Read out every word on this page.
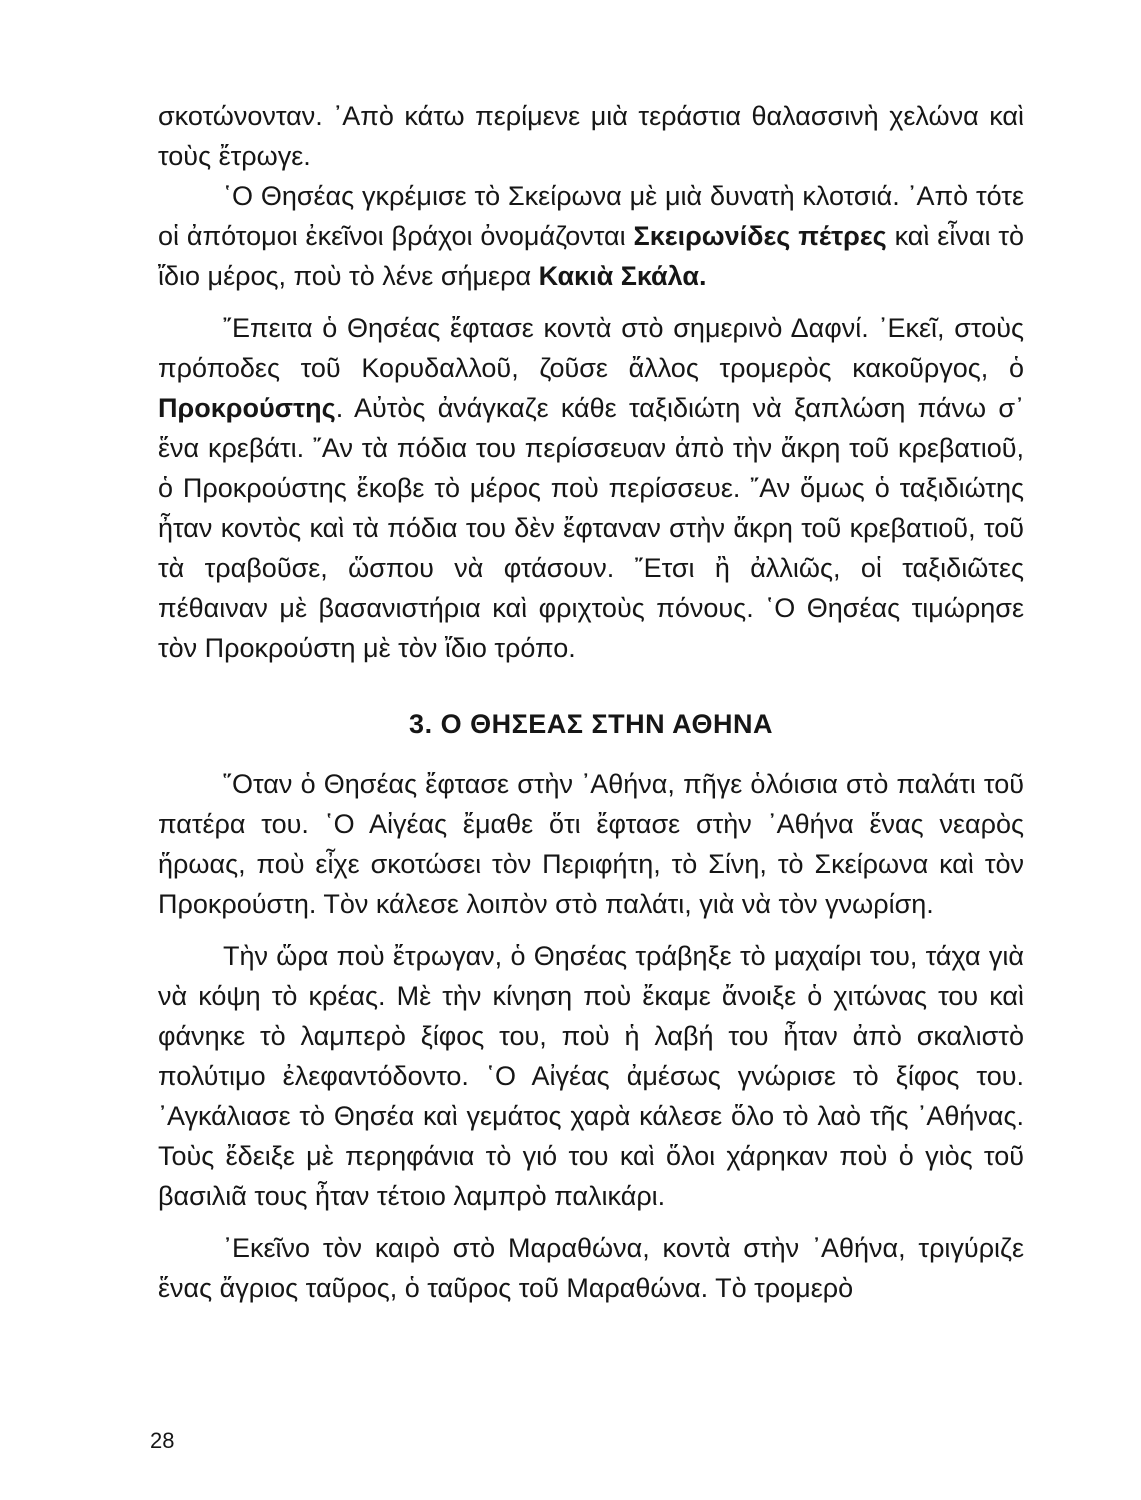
σκοτώνονταν. ᾿Απὸ κάτω περίμενε μιὰ τεράστια θαλασσινὴ χελώνα καὶ τοὺς ἔτρωγε.

῾Ο Θησέας γκρέμισε τὸ Σκείρωνα μὲ μιὰ δυνατὴ κλοτσιά. ᾿Απὸ τότε οἱ ἀπότομοι ἐκεῖνοι βράχοι ὀνομάζονται Σκειρωνίδες πέτρες καὶ εἶναι τὸ ἴδιο μέρος, ποὺ τὸ λένε σήμερα Κακιὰ Σκάλα.

῎Επειτα ὁ Θησέας ἔφτασε κοντὰ στὸ σημερινὸ Δαφνί. ᾿Εκεῖ, στοὺς πρόποδες τοῦ Κορυδαλλοῦ, ζοῦσε ἄλλος τρομερὸς κακοῦργος, ὁ Προκρούστης. Αὐτὸς ἀνάγκαζε κάθε ταξιδιώτη νὰ ξαπλώση πάνω σ᾿ ἕνα κρεβάτι. ῎Αν τὰ πόδια του περίσσευαν ἀπὸ τὴν ἄκρη τοῦ κρεβατιοῦ, ὁ Προκρούστης ἔκοβε τὸ μέρος ποὺ περίσσευε. ῎Αν ὅμως ὁ ταξιδιώτης ἦταν κοντὸς καὶ τὰ πόδια του δὲν ἔφταναν στὴν ἄκρη τοῦ κρεβατιοῦ, τοῦ τὰ τραβοῦσε, ὥσπου νὰ φτάσουν. ῎Ετσι ἢ ἀλλιῶς, οἱ ταξιδιῶτες πέθαιναν μὲ βασανιστήρια καὶ φριχτοὺς πόνους. ῾Ο Θησέας τιμώρησε τὸν Προκρούστη μὲ τὸν ἴδιο τρόπο.

3. Ο ΘΗΣΕΑΣ ΣΤΗΝ ΑΘΗΝΑ

῞Οταν ὁ Θησέας ἔφτασε στὴν ᾿Αθήνα, πῆγε ὁλόισια στὸ παλάτι τοῦ πατέρα του. ῾Ο Αἰγέας ἔμαθε ὅτι ἔφτασε στὴν ᾿Αθήνα ἕνας νεαρὸς ἥρωας, ποὺ εἶχε σκοτώσει τὸν Περιφήτη, τὸ Σίνη, τὸ Σκείρωνα καὶ τὸν Προκρούστη. Τὸν κάλεσε λοιπὸν στὸ παλάτι, γιὰ νὰ τὸν γνωρίση.

Τὴν ὥρα ποὺ ἔτρωγαν, ὁ Θησέας τράβηξε τὸ μαχαίρι του, τάχα γιὰ νὰ κόψη τὸ κρέας. Μὲ τὴν κίνηση ποὺ ἔκαμε ἄνοιξε ὁ χιτώνας του καὶ φάνηκε τὸ λαμπερὸ ξίφος του, ποὺ ἡ λαβή του ἦταν ἀπὸ σκαλιστὸ πολύτιμο ἐλεφαντόδοντο. ῾Ο Αἰγέας ἀμέσως γνώρισε τὸ ξίφος του. ᾿Αγκάλιασε τὸ Θησέα καὶ γεμάτος χαρὰ κάλεσε ὅλο τὸ λαὸ τῆς ᾿Αθήνας. Τοὺς ἔδειξε μὲ περηφάνια τὸ γιό του καὶ ὅλοι χάρηκαν ποὺ ὁ γιὸς τοῦ βασιλιᾶ τους ἦταν τέτοιο λαμπρὸ παλικάρι.

᾿Εκεῖνο τὸν καιρὸ στὸ Μαραθώνα, κοντὰ στὴν ᾿Αθήνα, τριγύριζε ἕνας ἄγριος ταῦρος, ὁ ταῦρος τοῦ Μαραθώνα. Τὸ τρομερὸ

28
